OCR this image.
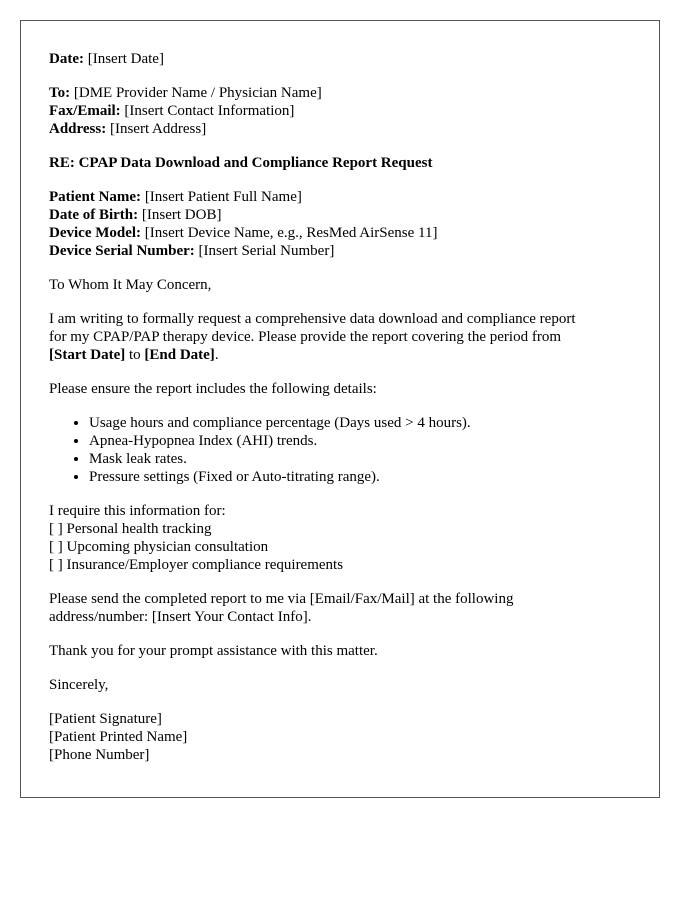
Date: [Insert Date]
To: [DME Provider Name / Physician Name]
Fax/Email: [Insert Contact Information]
Address: [Insert Address]
RE: CPAP Data Download and Compliance Report Request
Patient Name: [Insert Patient Full Name]
Date of Birth: [Insert DOB]
Device Model: [Insert Device Name, e.g., ResMed AirSense 11]
Device Serial Number: [Insert Serial Number]
To Whom It May Concern,
I am writing to formally request a comprehensive data download and compliance report
for my CPAP/PAP therapy device. Please provide the report covering the period from
[Start Date] to [End Date].
Please ensure the report includes the following details:
• Usage hours and compliance percentage (Days used > 4 hours).
• Apnea-Hypopnea Index (AHI) trends.
• Mask leak rates.
• Pressure settings (Fixed or Auto-titrating range).
I require this information for:
[ ] Personal health tracking
[ ] Upcoming physician consultation
[ ] Insurance/Employer compliance requirements
Please send the completed report to me via [Email/Fax/Mail] at the following
address/number: [Insert Your Contact Info].
Thank you for your prompt assistance with this matter.
Sincerely,
[Patient Signature]
[Patient Printed Name]
[Phone Number]
